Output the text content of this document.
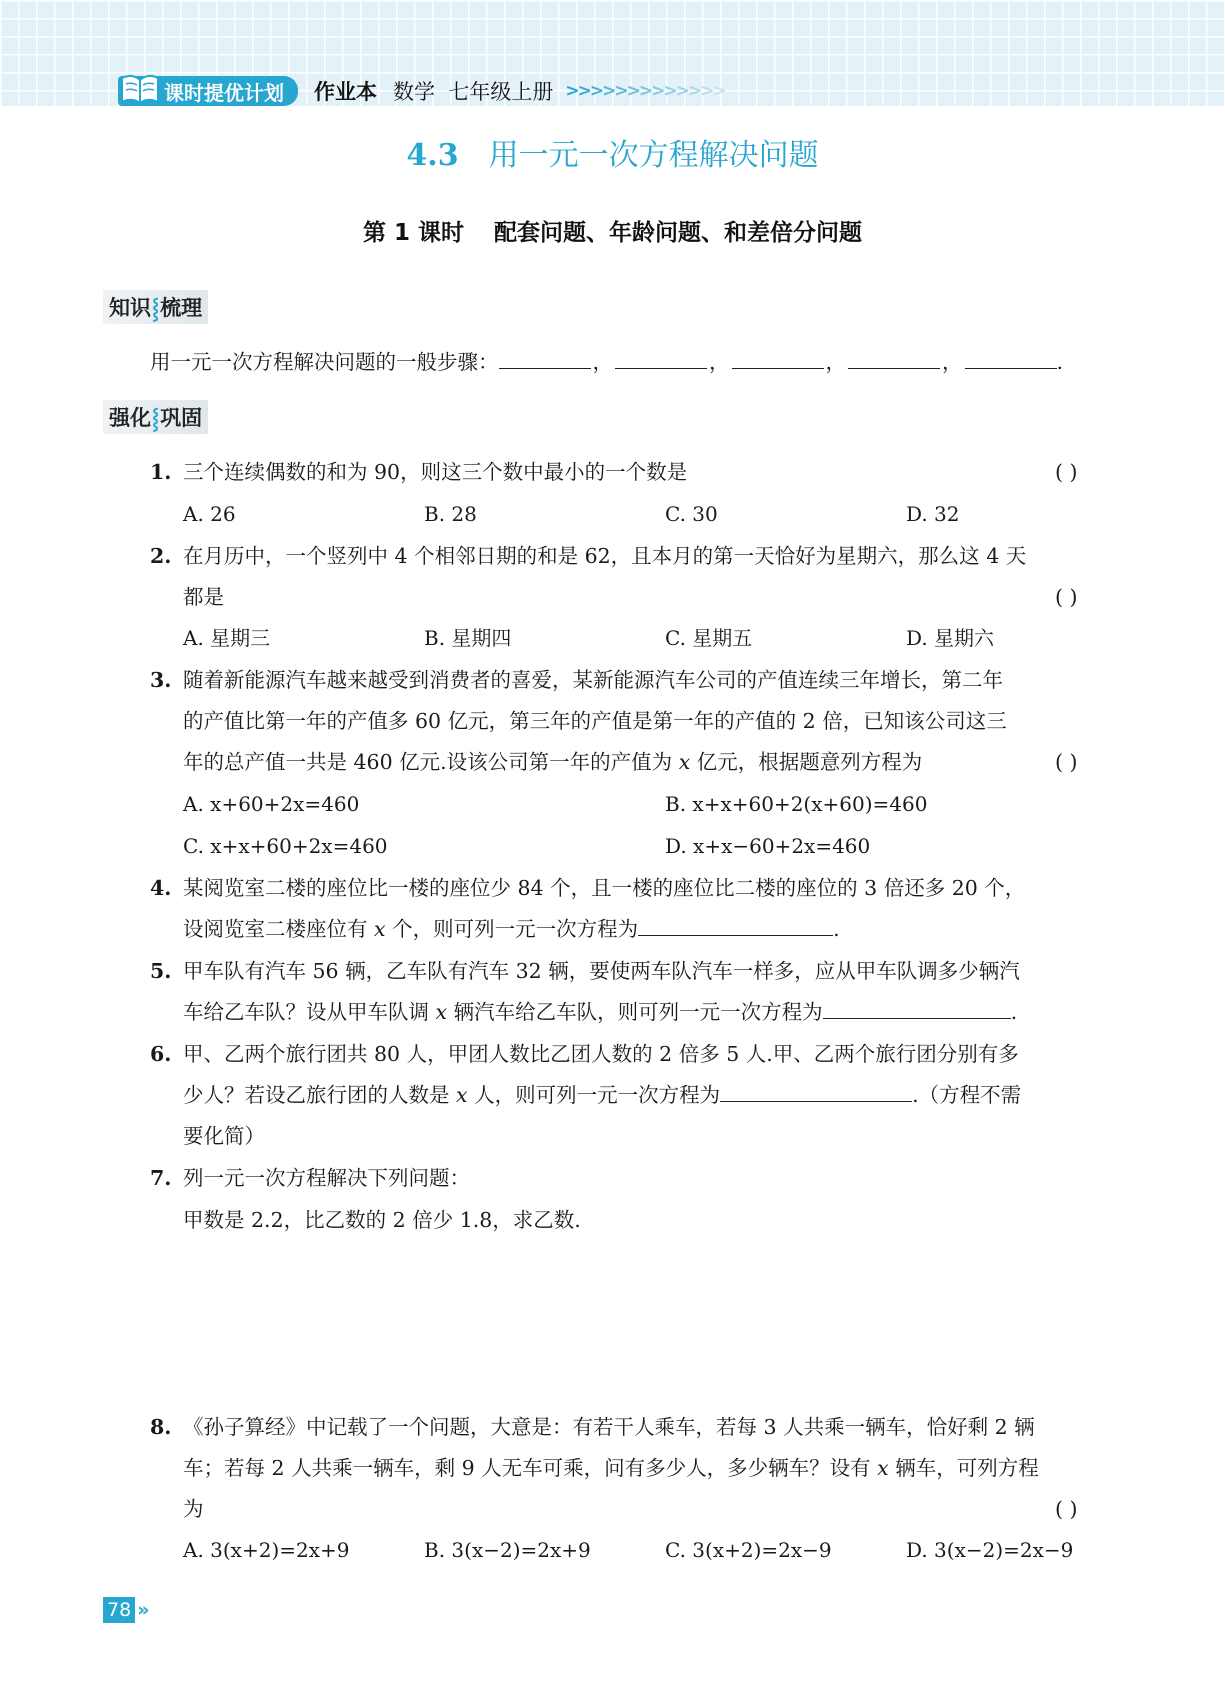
课时提优计划 作业本 数学  七年级上册 >
>
>
>
>
>
>
>
>
>
>
>
>
4.3 用一元一次方程解决问题
第 1 课时 配套问题、年龄问题、和差倍分问题
知识 ⸾ 梳理
用一元一次方程解决问题的一般步骤：	，	，	，	，	.
强化 ⸾ 巩固
1. 三个连续偶数的和为 90，则这三个数中最小的一个数是	( )
A. 26	B. 28	C. 30	D. 32
2. 在月历中，一个竖列中 4 个相邻日期的和是 62，且本月的第一天恰好为星期六，那么这 4 天
都是	( )
A. 星期三	B. 星期四	C. 星期五	D. 星期六
3. 随着新能源汽车越来越受到消费者的喜爱，某新能源汽车公司的产值连续三年增长，第二年
的产值比第一年的产值多 60 亿元，第三年的产值是第一年的产值的 2 倍，已知该公司这三
年的总产值一共是 460 亿元.设该公司第一年的产值为 x 亿元，根据题意列方程为	( )
A. x+60+2x=460	B. x+x+60+2(x+60)=460
C. x+x+60+2x=460	D. x+x−60+2x=460
4. 某阅览室二楼的座位比一楼的座位少 84 个，且一楼的座位比二楼的座位的 3 倍还多 20 个，
设阅览室二楼座位有 x 个，则可列一元一次方程为	.
5. 甲车队有汽车 56 辆，乙车队有汽车 32 辆，要使两车队汽车一样多，应从甲车队调多少辆汽
车给乙车队？设从甲车队调 x 辆汽车给乙车队，则可列一元一次方程为	.
6. 甲、乙两个旅行团共 80 人，甲团人数比乙团人数的 2 倍多 5 人.甲、乙两个旅行团分别有多
少人？若设乙旅行团的人数是 x 人，则可列一元一次方程为	.（方程不需
要化简）
7. 列一元一次方程解决下列问题：
甲数是 2.2，比乙数的 2 倍少 1.8，求乙数.
8. 《孙子算经》中记载了一个问题，大意是：有若干人乘车，若每 3 人共乘一辆车，恰好剩 2 辆
车；若每 2 人共乘一辆车，剩 9 人无车可乘，问有多少人，多少辆车？设有 x 辆车，可列方程
为	( )
A. 3(x+2)=2x+9	B. 3(x−2)=2x+9	C. 3(x+2)=2x−9	D. 3(x−2)=2x−9
78 »
